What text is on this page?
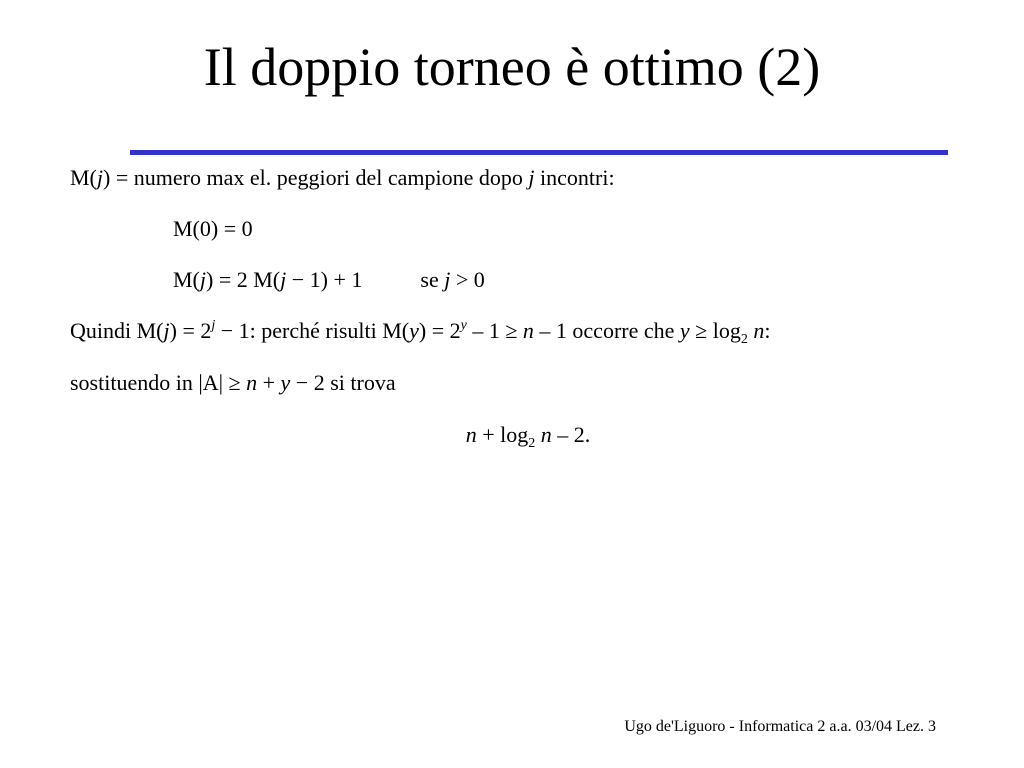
Il doppio torneo è ottimo (2)
M(j) = numero max el. peggiori del campione dopo j incontri:
M(0) = 0
M(j) = 2 M(j − 1) + 1	se j > 0
Quindi $M(j) = 2^j - 1$: perché risulti $M(y) = 2^y - 1 \ge n - 1$ occorre che $y \ge \log_2 n$:
sostituendo in |A| ≥ n + y − 2 si trova
$n + \log_2 n - 2$.
Ugo de'Liguoro - Informatica 2 a.a. 03/04 Lez. 3
